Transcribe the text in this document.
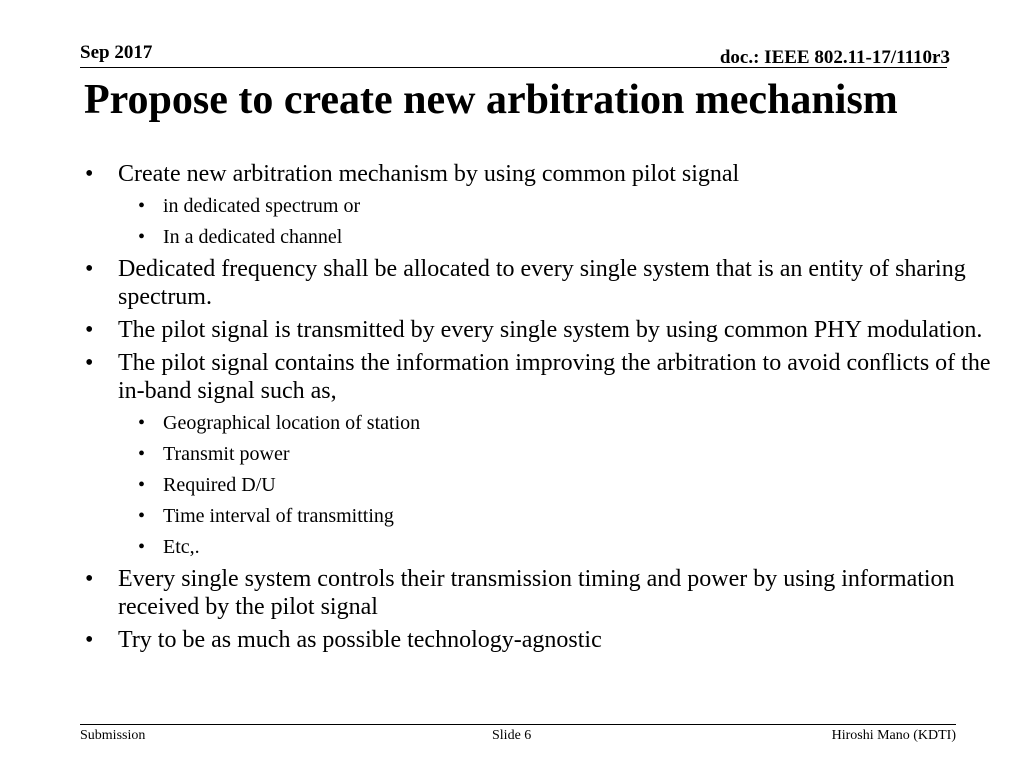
Sep 2017	doc.: IEEE 802.11-17/1110r3
Propose to create new arbitration mechanism
• Create new arbitration mechanism by using common pilot signal
• in dedicated spectrum or
• In a dedicated channel
• Dedicated frequency shall be allocated to every single system that is an entity of sharing spectrum.
• The pilot signal is transmitted by every single system by using common PHY modulation.
• The pilot signal contains the information improving the arbitration to avoid conflicts of the in-band signal such as,
• Geographical location of station
• Transmit power
• Required D/U
• Time interval of transmitting
• Etc,.
• Every single system controls their transmission timing and power by using information received by the pilot signal
• Try to be as much as possible technology-agnostic
Submission	Slide 6	Hiroshi Mano (KDTI)
